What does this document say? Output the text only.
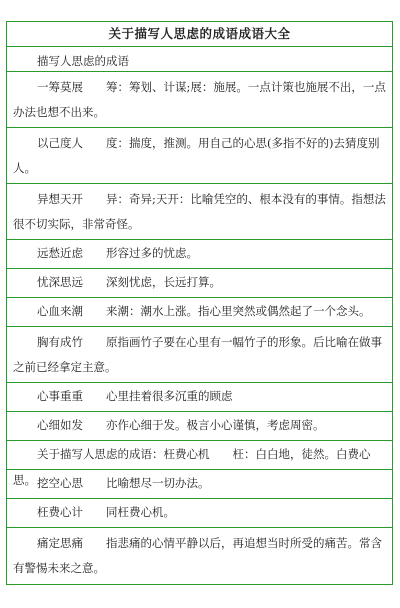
关于描写人思虑的成语成语大全
描写人思虑的成语
一筹莫展　　筹：筹划、计谋;展：施展。一点计策也施展不出，一点办法也想不出来。
以己度人　　度：揣度，推测。用自己的心思(多指不好的)去猜度别人。
异想天开　　异：奇异;天开：比喻凭空的、根本没有的事情。指想法很不切实际，非常奇怪。
远愁近虑　　形容过多的忧虑。
忧深思远　　深刻忧虑，长远打算。
心血来潮　　来潮：潮水上涨。指心里突然或偶然起了一个念头。
胸有成竹　　原指画竹子要在心里有一幅竹子的形象。后比喻在做事之前已经拿定主意。
心事重重　　心里挂着很多沉重的顾虑
心细如发　　亦作心细于发。极言小心谨慎，考虑周密。
关于描写人思虑的成语：枉费心机　　枉：白白地，徒然。白费心思。 挖空心思　　比喻想尽一切办法。
枉费心计　　同枉费心机。
痛定思痛　　指悲痛的心情平静以后，再追想当时所受的痛苦。常含有警惕未来之意。
